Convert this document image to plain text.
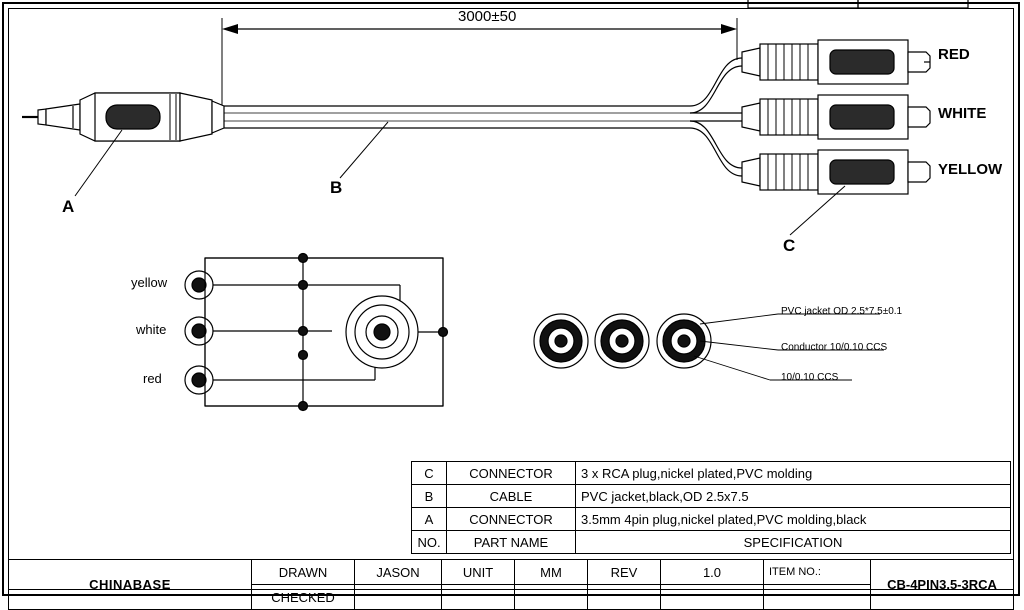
3000±50
RED
WHITE
YELLOW
A
B
C
yellow
white
red
PVC jacket OD 2.5*7.5±0.1
Conductor 10/0.10 CCS
10/0.10 CCS
C	CONNECTOR	3 x RCA plug,nickel plated,PVC molding
B	CABLE	PVC jacket,black,OD 2.5x7.5
A	CONNECTOR	3.5mm 4pin plug,nickel plated,PVC molding,black
NO.	PART NAME	SPECIFICATION
CHINABASE	DRAWN	JASON	UNIT	MM	REV	1.0	ITEM NO.:	CB-4PIN3.5-3RCA
	CHECKED							
